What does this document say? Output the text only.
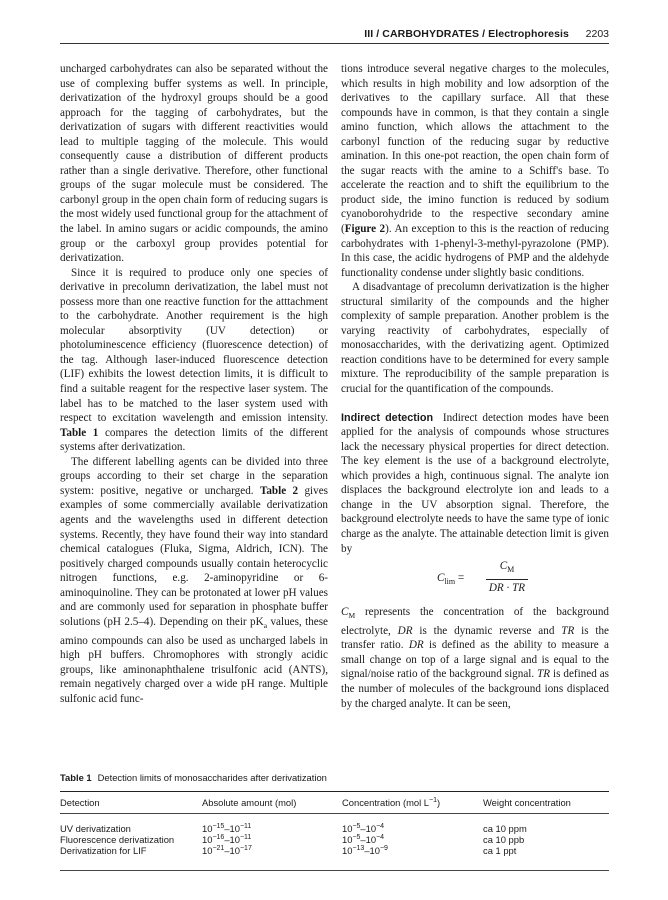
III / CARBOHYDRATES / Electrophoresis 2203

uncharged carbohydrates can also be separated without the use of complexing buffer systems as well. In principle, derivatization of the hydroxyl groups should be a good approach for the tagging of carbohydrates, but the derivatization of sugars with different reactivities would lead to multiple tagging of the molecule. This would consequently cause a distribution of different products rather than a single derivative. Therefore, other functional groups of the sugar molecule must be considered. The carbonyl group in the open chain form of reducing sugars is the most widely used functional group for the attachment of the label. In amino sugars or acidic compounds, the amino group or the carboxyl group provides potential for derivatization.

Since it is required to produce only one species of derivative in precolumn derivatization, the label must not possess more than one reactive function for the atttachment to the carbohydrate. Another requirement is the high molecular absorptivity (UV detection) or photoluminescence efficiency (fluorescence detection) of the tag. Although laser-induced fluorescence detection (LIF) exhibits the lowest detection limits, it is difficult to find a suitable reagent for the respective laser system. The label has to be matched to the laser system used with respect to excitation wavelength and emission intensity. Table 1 compares the detection limits of the different systems after derivatization.

The different labelling agents can be divided into three groups according to their set charge in the separation system: positive, negative or uncharged. Table 2 gives examples of some commercially available derivatization agents and the wavelengths used in different detection systems. Recently, they have found their way into standard chemical catalogues (Fluka, Sigma, Aldrich, ICN). The positively charged compounds usually contain heterocyclic nitrogen functions, e.g. 2-aminopyridine or 6-aminoquinoline. They can be protonated at lower pH values and are commonly used for separation in phosphate buffer solutions (pH 2.5–4). Depending on their $pK_a$ values, these amino compounds can also be used as uncharged labels in high pH buffers. Chromophores with strongly acidic groups, like aminonaphthalene trisulfonic acid (ANTS), remain negatively charged over a wide pH range. Multiple sulfonic acid func-

tions introduce several negative charges to the molecules, which results in high mobility and low adsorption of the derivatives to the capillary surface. All that these compounds have in common, is that they contain a single amino function, which allows the attachment to the carbonyl function of the reducing sugar by reductive amination. In this one-pot reaction, the open chain form of the sugar reacts with the amine to a Schiff's base. To accelerate the reaction and to shift the equilibrium to the product side, the imino function is reduced by sodium cyanoborohydride to the respective secondary amine (Figure 2). An exception to this is the reaction of reducing carbohydrates with 1-phenyl-3-methyl-pyrazolone (PMP). In this case, the acidic hydrogens of PMP and the aldehyde functionality condense under slightly basic conditions.

A disadvantage of precolumn derivatization is the higher structural similarity of the compounds and the higher complexity of sample preparation. Another problem is the varying reactivity of carbohydrates, especially of monosaccharides, with the derivatizing agent. Optimized reaction conditions have to be determined for every sample mixture. The reproducibility of the sample preparation is crucial for the quantification of the compounds.

Indirect detection Indirect detection modes have been applied for the analysis of compounds whose structures lack the necessary physical properties for direct detection. The key element is the use of a background electrolyte, which provides a high, continuous signal. The analyte ion displaces the background electrolyte ion and leads to a change in the UV absorption signal. Therefore, the background electrolyte needs to have the same type of ionic charge as the analyte. The attainable detection limit is given by

$C_{lim} = \frac{C_M}{DR \cdot TR}$

$C_M$ represents the concentration of the background electrolyte, DR is the dynamic reverse and TR is the transfer ratio. DR is defined as the ability to measure a small change on top of a large signal and is equal to the signal/noise ratio of the background signal. TR is defined as the number of molecules of the background ions displaced by the charged analyte. It can be seen,

Table 1 Detection limits of monosaccharides after derivatization
Detection	Absolute amount (mol)	Concentration (mol $L^{-1}$)	Weight concentration
UV derivatization	$10^{-15}-10^{-11}$	$10^{-5}-10^{-4}$	ca 10 ppm
Fluorescence derivatization	$10^{-16}-10^{-11}$	$10^{-5}-10^{-4}$	ca 10 ppb
Derivatization for LIF	$10^{-21}-10^{-17}$	$10^{-13}-10^{-9}$	ca 1 ppt
